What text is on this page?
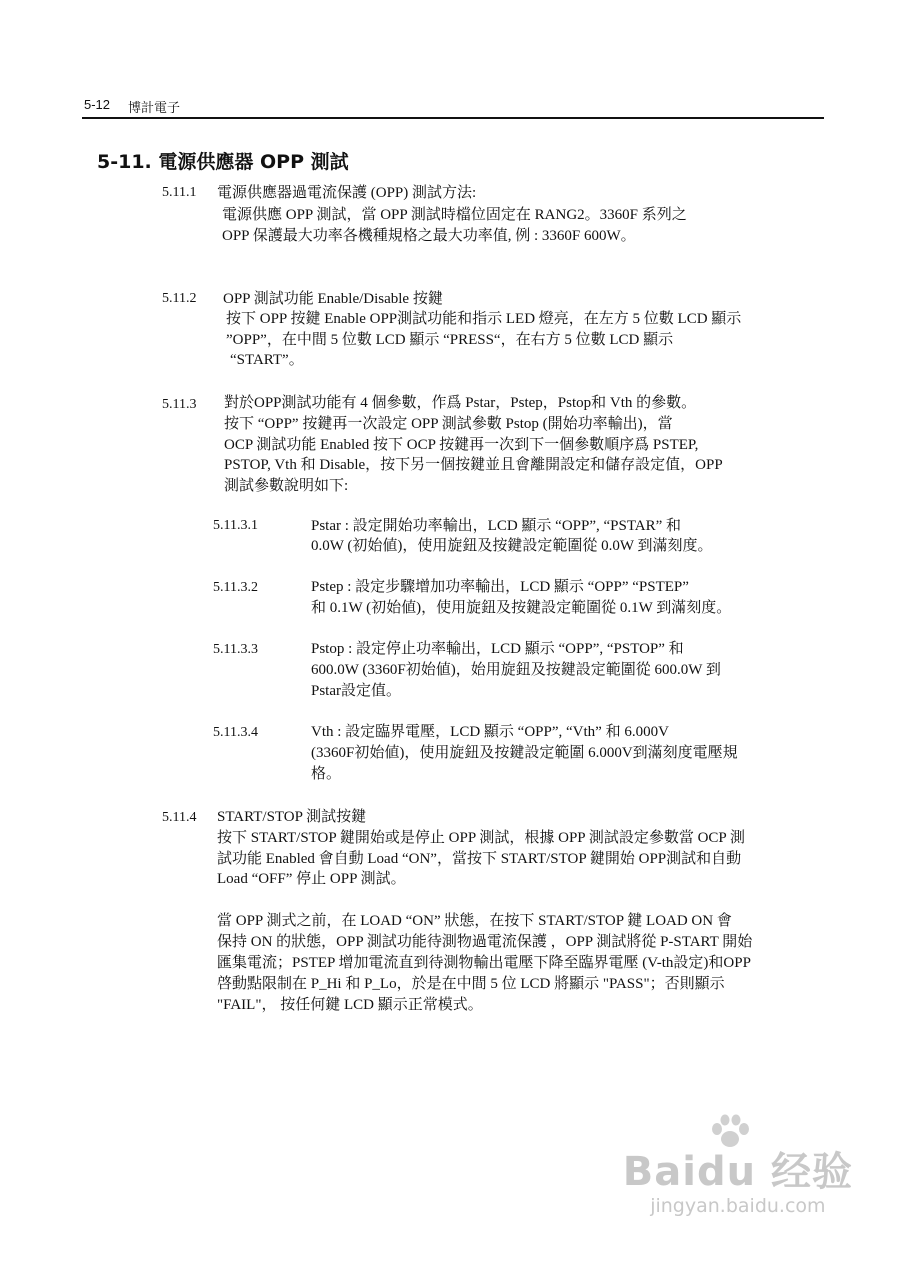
5-12 博計電子
5-11. 電源供應器 OPP 測試
5.11.1 電源供應器過電流保護 (OPP) 測試方法:
電源供應 OPP 測試，當 OPP 測試時檔位固定在 RANG2。3360F 系列之
OPP 保護最大功率各機種規格之最大功率值, 例 : 3360F 600W。
5.11.2 OPP 測試功能 Enable/Disable 按鍵
按下 OPP 按鍵 Enable OPP測試功能和指示 LED 燈亮，在左方 5 位數 LCD 顯示
”OPP”，在中間 5 位數 LCD 顯示 “PRESS“，在右方 5 位數 LCD 顯示
“START”。
5.11.3 對於OPP測試功能有 4 個參數，作爲 Pstar，Pstep，Pstop和 Vth 的參數。
按下 “OPP” 按鍵再一次設定 OPP 測試參數 Pstop (開始功率輸出)，當
OCP 測試功能 Enabled 按下 OCP 按鍵再一次到下一個參數順序爲 PSTEP,
PSTOP, Vth 和 Disable，按下另一個按鍵並且會離開設定和儲存設定值，OPP
測試參數說明如下:
5.11.3.1	Pstar : 設定開始功率輸出，LCD 顯示 “OPP”, “PSTAR” 和
0.0W (初始値)，使用旋鈕及按鍵設定範圍從 0.0W 到滿刻度。
5.11.3.2	Pstep : 設定步驟增加功率輸出，LCD 顯示 “OPP” “PSTEP”
和 0.1W (初始値)，使用旋鈕及按鍵設定範圍從 0.1W 到滿刻度。
5.11.3.3	Pstop : 設定停止功率輸出，LCD 顯示 “OPP”, “PSTOP” 和
600.0W (3360F初始値)，始用旋鈕及按鍵設定範圍從 600.0W 到
Pstar設定值。
5.11.3.4	Vth : 設定臨界電壓，LCD 顯示 “OPP”, “Vth” 和 6.000V
(3360F初始値)，使用旋鈕及按鍵設定範圍 6.000V到滿刻度電壓規
格。
5.11.4 START/STOP 測試按鍵
按下 START/STOP 鍵開始或是停止 OPP 測試，根據 OPP 測試設定參數當 OCP 測
試功能 Enabled 會自動 Load “ON”，當按下 START/STOP 鍵開始 OPP測試和自動
Load “OFF” 停止 OPP 測試。
當 OPP 測式之前，在 LOAD “ON” 狀態，在按下 START/STOP 鍵 LOAD ON 會
保持 ON 的狀態，OPP 測試功能待測物過電流保護 ，OPP 測試將從 P-START 開始
匯集電流；PSTEP 增加電流直到待測物輸出電壓下降至臨界電壓 (V-th設定)和OPP
啓動點限制在 P_Hi 和 P_Lo，於是在中間 5 位 LCD 將顯示 "PASS"；否則顯示
"FAIL"， 按任何鍵 LCD 顯示正常模式。
Baidu 经验
jingyan.baidu.com
